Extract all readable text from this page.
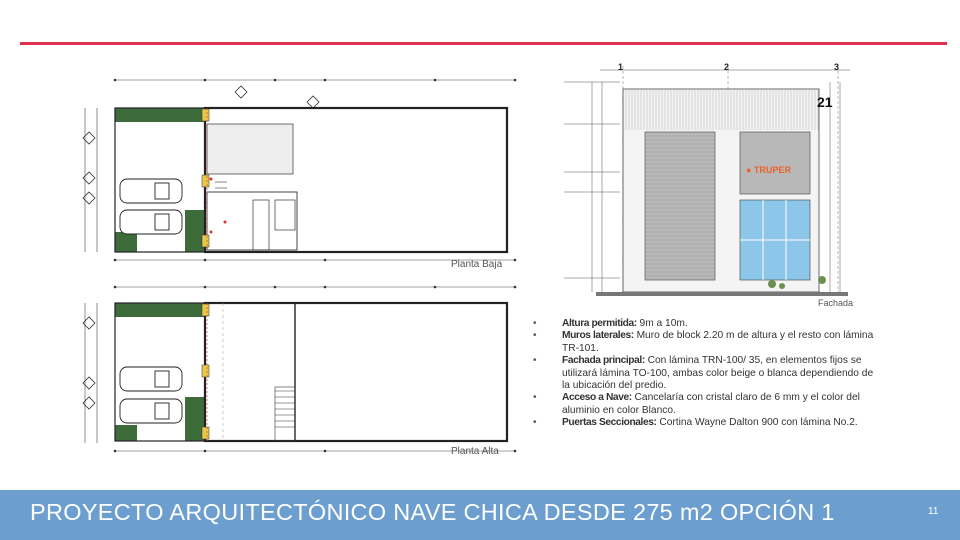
Planta Baja
Planta Alta
1	2	3
21
● TRUPER
Fachada
• Altura permitida: 9m a 10m.
• Muros laterales: Muro de block 2.20 m de altura y el resto con lámina TR-101.
• Fachada principal: Con lámina TRN-100/ 35, en elementos fijos se utilizará lámina TO-100, ambas color beige o blanca dependiendo de la ubicación del predio.
• Acceso a Nave: Cancelaría con cristal claro de 6 mm y el color del aluminio en color Blanco.
• Puertas Seccionales: Cortina Wayne Dalton 900 con lámina No.2.
PROYECTO ARQUITECTÓNICO NAVE CHICA DESDE 275 m2 OPCIÓN 1	11
